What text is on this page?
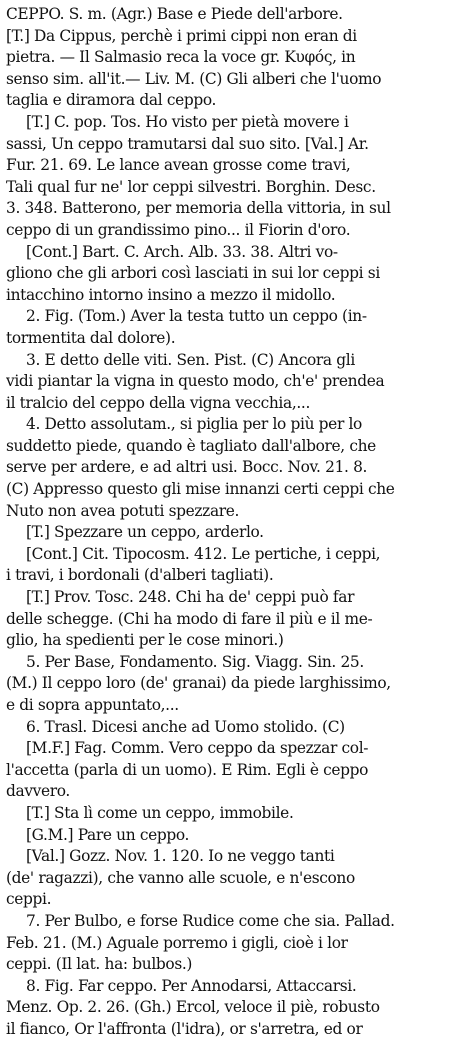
CEPPO. S. m. (Agr.) Base e Piede dell'arbore.
[T.] Da Cippus, perchè i primi cippi non eran di
pietra. — Il Salmasio reca la voce gr. Κυφός, in
senso sim. all'it.— Liv. M. (C) Gli alberi che l'uomo
taglia e diramora dal ceppo.
[T.] C. pop. Tos. Ho visto per pietà movere i
sassi, Un ceppo tramutarsi dal suo sito. [Val.] Ar.
Fur. 21. 69. Le lance avean grosse come travi,
Tali qual fur ne' lor ceppi silvestri. Borghin. Desc.
3. 348. Batterono, per memoria della vittoria, in sul
ceppo di un grandissimo pino... il Fiorin d'oro.
[Cont.] Bart. C. Arch. Alb. 33. 38. Altri vo-
gliono che gli arbori così lasciati in sui lor ceppi si
intacchino intorno insino a mezzo il midollo.
2. Fig. (Tom.) Aver la testa tutto un ceppo (in-
tormentita dal dolore).
3. E detto delle viti. Sen. Pist. (C) Ancora gli
vidi piantar la vigna in questo modo, ch'e' prendea
il tralcio del ceppo della vigna vecchia,...
4. Detto assolutam., si piglia per lo più per lo
suddetto piede, quando è tagliato dall'albore, che
serve per ardere, e ad altri usi. Bocc. Nov. 21. 8.
(C) Appresso questo gli mise innanzi certi ceppi che
Nuto non avea potuti spezzare.
[T.] Spezzare un ceppo, arderlo.
[Cont.] Cit. Tipocosm. 412. Le pertiche, i ceppi,
i travi, i bordonali (d'alberi tagliati).
[T.] Prov. Tosc. 248. Chi ha de' ceppi può far
delle schegge. (Chi ha modo di fare il più e il me-
glio, ha spedienti per le cose minori.)
5. Per Base, Fondamento. Sig. Viagg. Sin. 25.
(M.) Il ceppo loro (de' granai) da piede larghissimo,
e di sopra appuntato,...
6. Trasl. Dicesi anche ad Uomo stolido. (C)
[M.F.] Fag. Comm. Vero ceppo da spezzar col-
l'accetta (parla di un uomo). E Rim. Egli è ceppo
davvero.
[T.] Sta lì come un ceppo, immobile.
[G.M.] Pare un ceppo.
[Val.] Gozz. Nov. 1. 120. Io ne veggo tanti
(de' ragazzi), che vanno alle scuole, e n'escono
ceppi.
7. Per Bulbo, e forse Rudice come che sia. Pallad.
Feb. 21. (M.) Aguale porremo i gigli, cioè i lor
ceppi. (Il lat. ha: bulbos.)
8. Fig. Far ceppo. Per Annodarsi, Attaccarsi.
Menz. Op. 2. 26. (Gh.) Ercol, veloce il piè, robusto
il fianco, Or l'affronta (l'idra), or s'arretra, ed or
